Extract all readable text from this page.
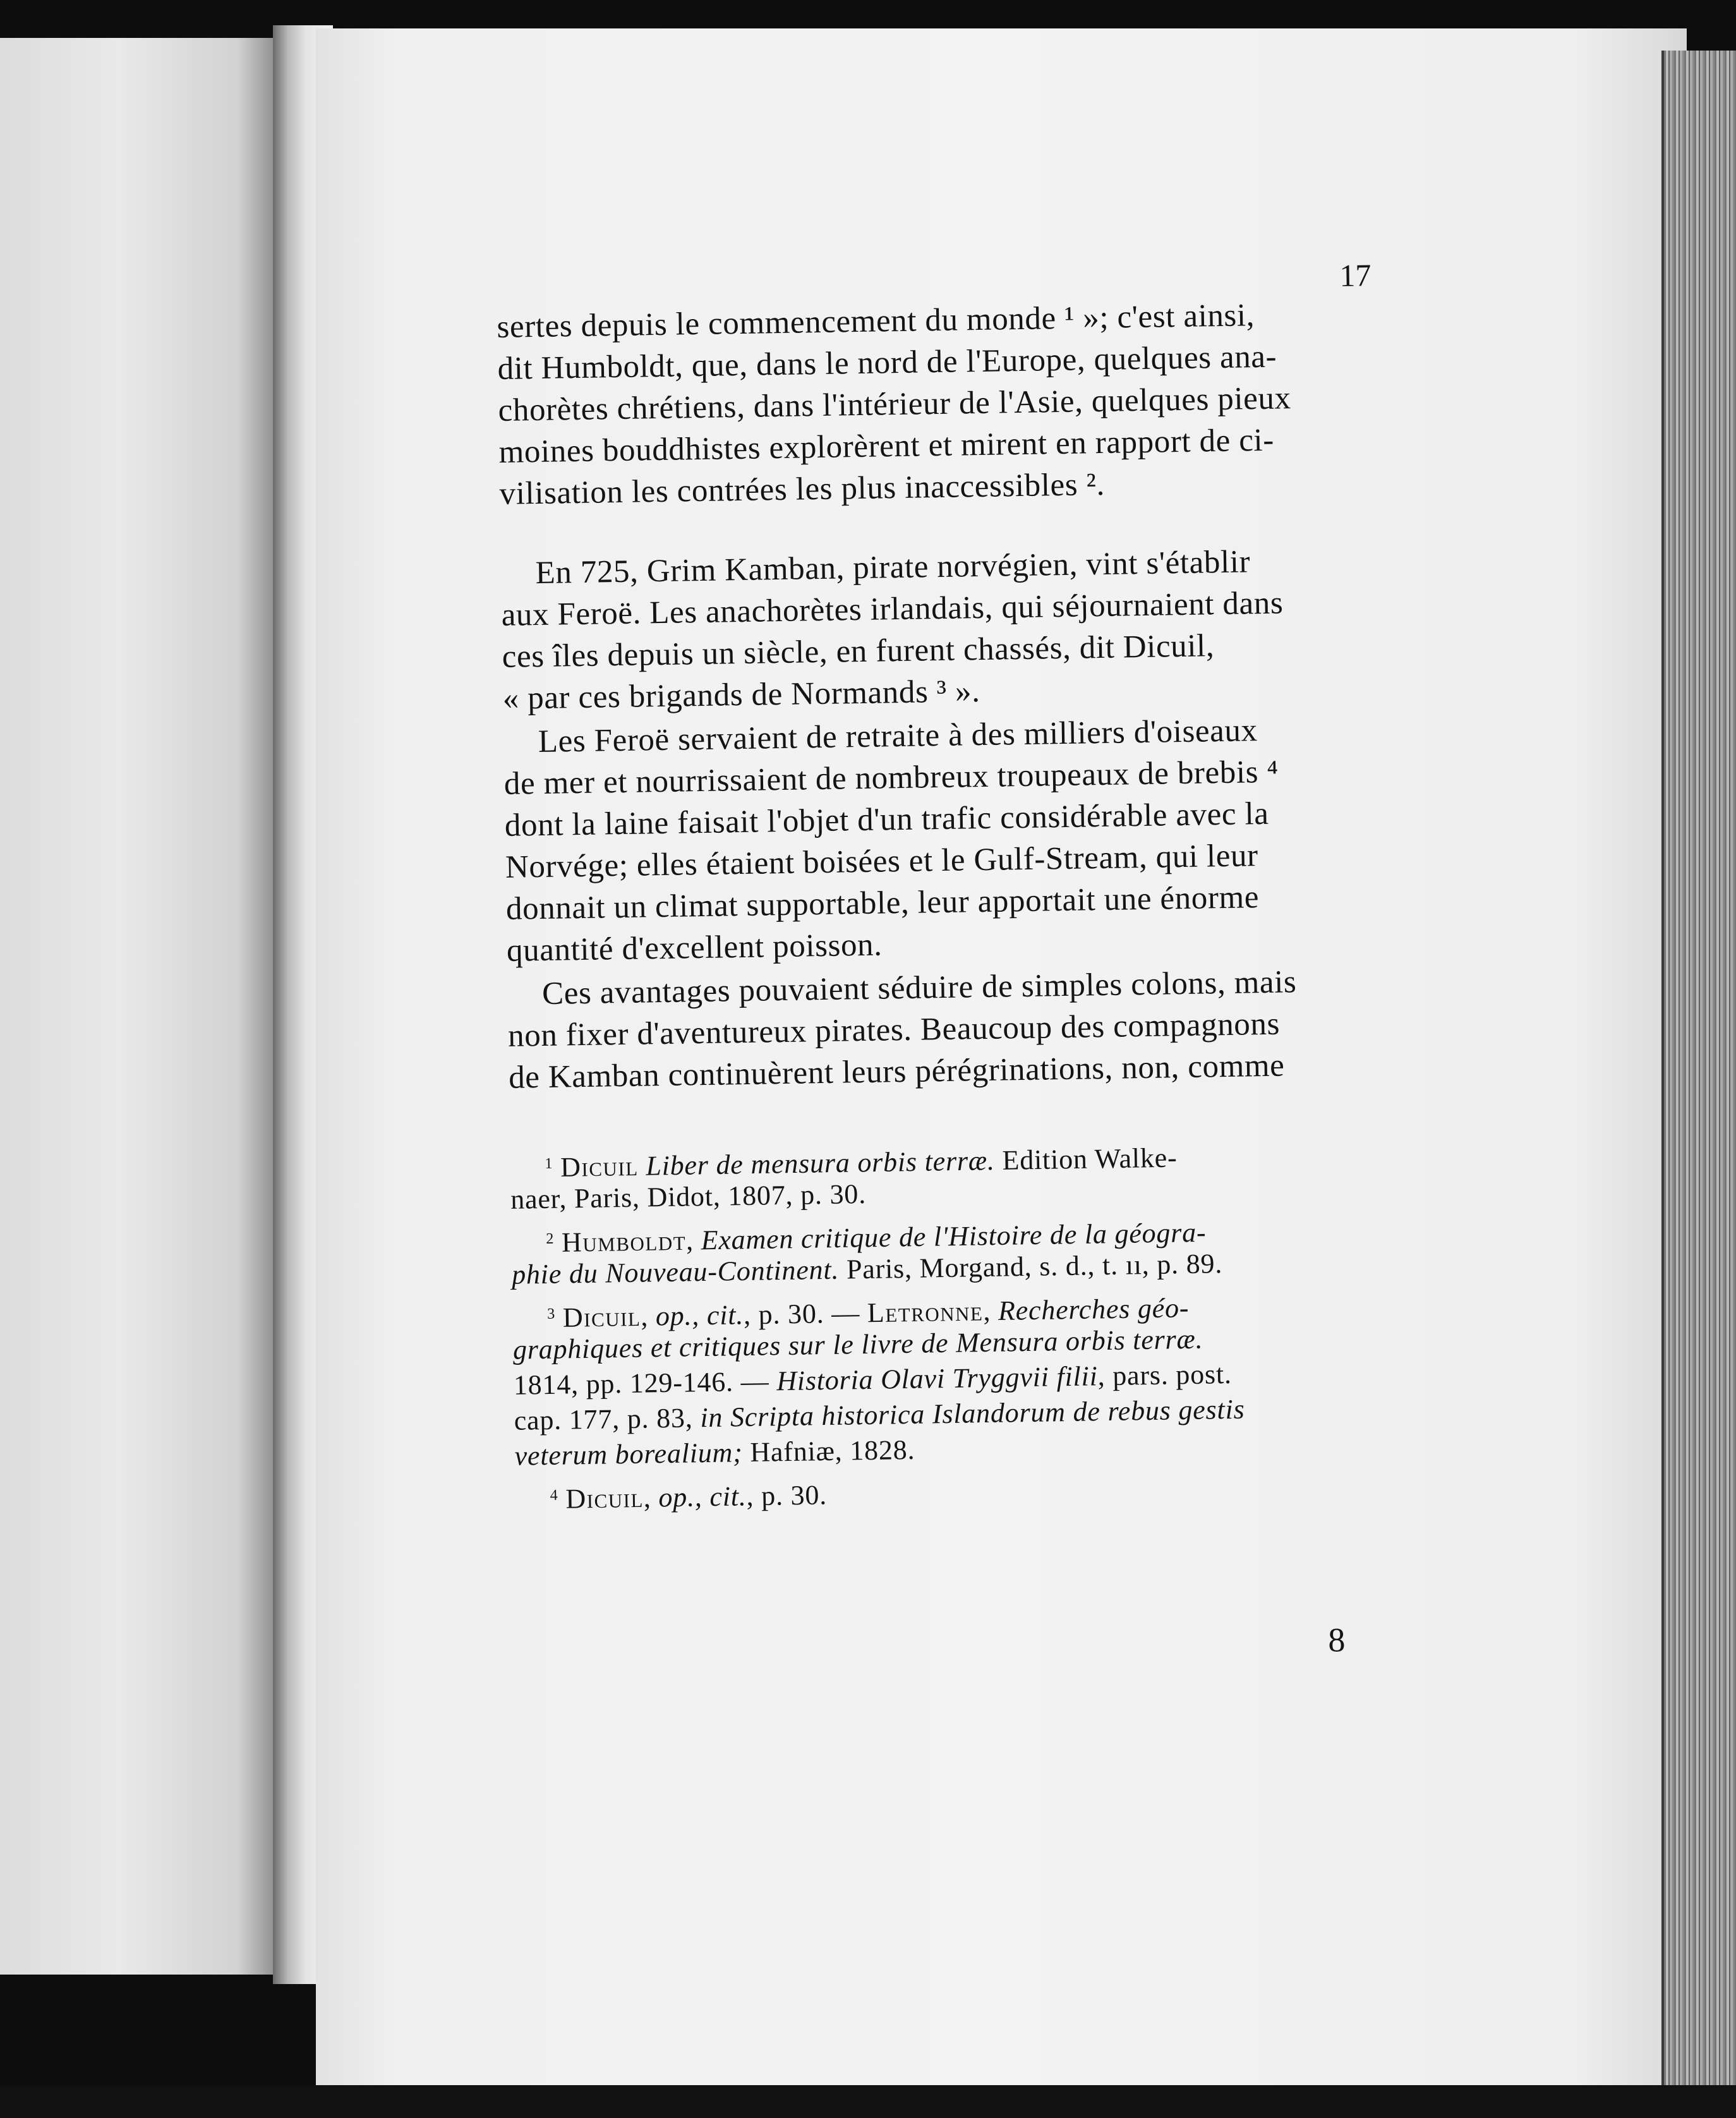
17
sertes depuis le commencement du monde ¹ »; c'est ainsi,
dit Humboldt, que, dans le nord de l'Europe, quelques ana-
chorètes chrétiens, dans l'intérieur de l'Asie, quelques pieux
moines bouddhistes explorèrent et mirent en rapport de ci-
vilisation les contrées les plus inaccessibles ².
En 725, Grim Kamban, pirate norvégien, vint s'établir
aux Feroë. Les anachorètes irlandais, qui séjournaient dans
ces îles depuis un siècle, en furent chassés, dit Dicuil,
« par ces brigands de Normands ³ ».
Les Feroë servaient de retraite à des milliers d'oiseaux
de mer et nourrissaient de nombreux troupeaux de brebis ⁴
dont la laine faisait l'objet d'un trafic considérable avec la
Norvége; elles étaient boisées et le Gulf-Stream, qui leur
donnait un climat supportable, leur apportait une énorme
quantité d'excellent poisson.
Ces avantages pouvaient séduire de simples colons, mais
non fixer d'aventureux pirates. Beaucoup des compagnons
de Kamban continuèrent leurs pérégrinations, non, comme
$^1$ Dicuil Liber de mensura orbis terræ. Edition Walke-
naer, Paris, Didot, 1807, p. 30.
$^2$ Humboldt, Examen critique de l'Histoire de la géogra-
phie du Nouveau-Continent. Paris, Morgand, s. d., t. ıı, p. 89.
$^3$ Dicuil, op., cit., p. 30. — Letronne, Recherches géo-
graphiques et critiques sur le livre de Mensura orbis terræ.
1814, pp. 129-146. — Historia Olavi Tryggvii filii, pars. post.
cap. 177, p. 83, in Scripta historica Islandorum de rebus gestis
veterum borealium; Hafniæ, 1828.
$^4$ Dicuil, op., cit., p. 30.
8
